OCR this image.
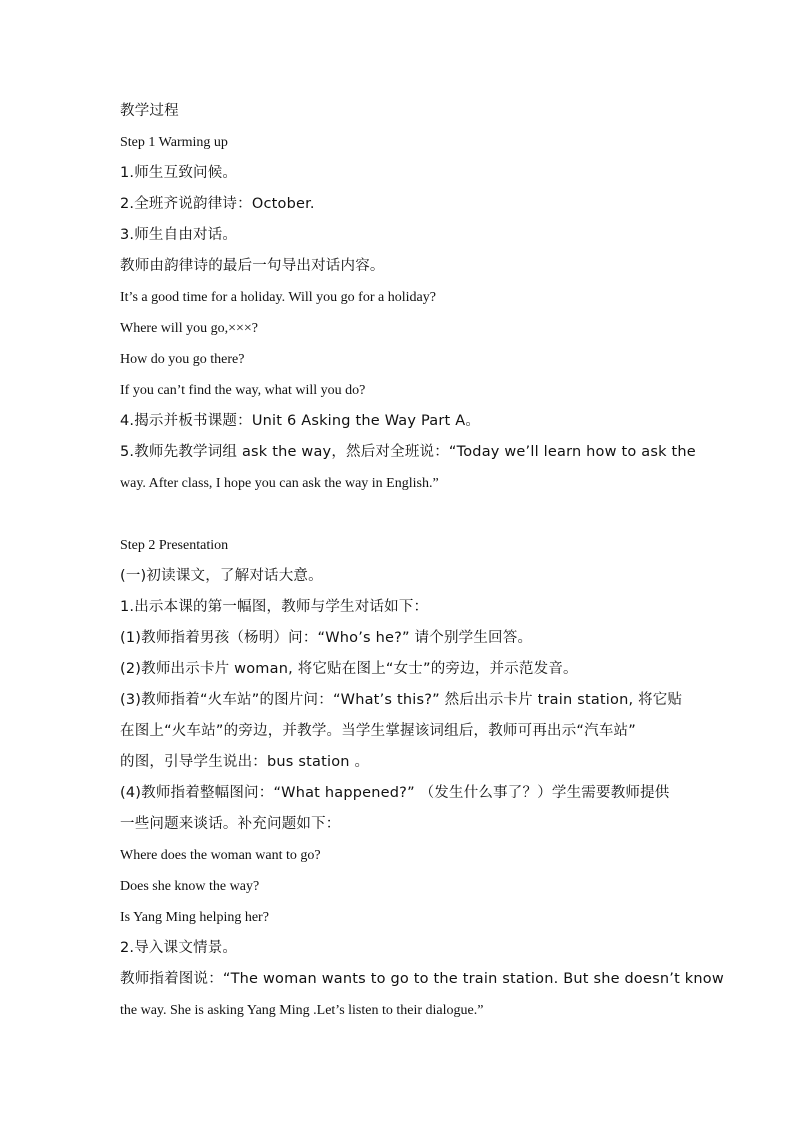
教学过程
Step 1 Warming up
1.师生互致问候。
2.全班齐说韵律诗：October.
3.师生自由对话。
教师由韵律诗的最后一句导出对话内容。
It’s a good time for a holiday. Will you go for a holiday?
Where will you go,×××?
How do you go there?
If you can’t find the way, what will you do?
4.揭示并板书课题：Unit 6 Asking the Way Part A。
5.教师先教学词组 ask the way，然后对全班说：“Today we’ll learn how to ask the
way. After class, I hope you can ask the way in English.”
Step 2 Presentation
(一)初读课文，了解对话大意。
1.出示本课的第一幅图，教师与学生对话如下：
(1)教师指着男孩（杨明）问：“Who’s he?” 请个别学生回答。
(2)教师出示卡片 woman, 将它贴在图上“女士”的旁边，并示范发音。
(3)教师指着“火车站”的图片问：“What’s this?” 然后出示卡片 train station, 将它贴
在图上“火车站”的旁边，并教学。当学生掌握该词组后，教师可再出示“汽车站”
的图，引导学生说出：bus station 。
(4)教师指着整幅图问：“What happened?” （发生什么事了？）学生需要教师提供
一些问题来谈话。补充问题如下：
Where does the woman want to go?
Does she know the way?
Is Yang Ming helping her?
2.导入课文情景。
教师指着图说：“The woman wants to go to the train station. But she doesn’t know
the way. She is asking Yang Ming .Let’s listen to their dialogue.”
